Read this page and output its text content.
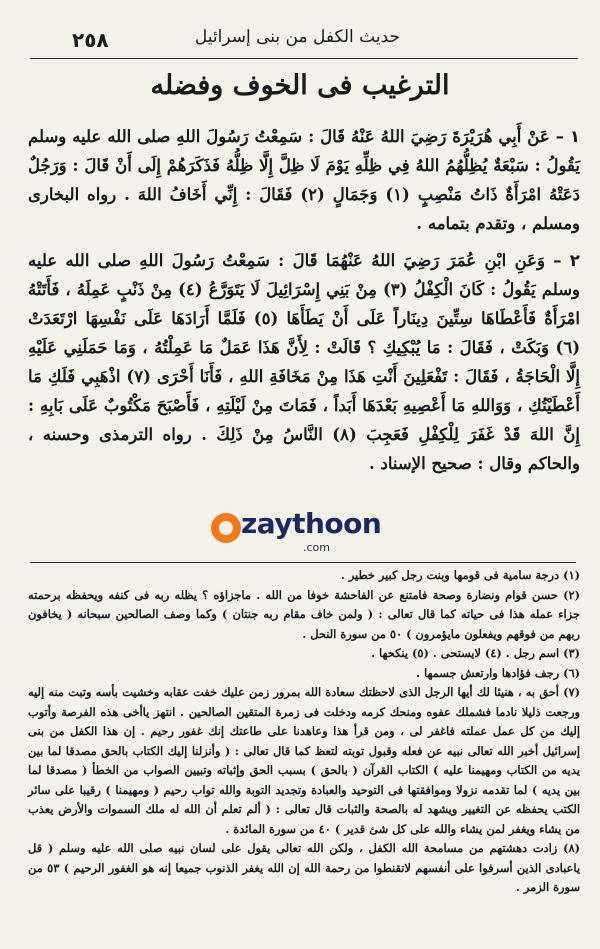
٢٥٨	حديث الكفل من بنى إسرائيل
الترغيب فى الخوف وفضله

١ – عَنْ أَبِي هُرَيْرَةَ رَضِيَ اللهُ عَنْهُ قَالَ : سَمِعْتُ رَسُولَ اللهِ صلى الله عليه وسلم يَقُولُ : سَبْعَةٌ يُظِلُّهُمُ اللهُ فِي ظِلِّهِ يَوْمَ لَا ظِلَّ إِلَّا ظِلُّهُ فَذَكَرَهُمْ إِلَى أَنْ قَالَ : وَرَجُلٌ دَعَتْهُ امْرَأَةٌ ذَاتُ مَنْصِبٍ (١) وَجَمَالٍ (٢) فَقَالَ : إِنِّي أَخَافُ اللهَ . رواه البخارى ومسلم ، وتقدم بتمامه .

٢ – وَعَنِ ابْنِ عُمَرَ رَضِيَ اللهُ عَنْهُمَا قَالَ : سَمِعْتُ رَسُولَ اللهِ صلى الله عليه وسلم يَقُولُ : كَانَ الْكِفْلُ (٣) مِنْ بَنِي إِسْرَائِيلَ لَا يَتَوَرَّعُ (٤) مِنْ ذَنْبٍ عَمِلَهُ ، فَأَتَتْهُ امْرَأَةٌ فَأَعْطَاهَا سِتِّينَ دِينَاراً عَلَى أَنْ يَطَأَهَا (٥) فَلَمَّا أَرَادَهَا عَلَى نَفْسِهَا ارْتَعَدَتْ (٦) وَبَكَتْ ، فَقَالَ : مَا يُبْكِيكِ ؟ قَالَتْ : لِأَنَّ هَذَا عَمَلٌ مَا عَمِلْتُهُ ، وَمَا حَمَلَنِي عَلَيْهِ إِلَّا الْحَاجَةُ ، فَقَالَ : تَفْعَلِينَ أَنْتِ هَذَا مِنْ مَخَافَةِ اللهِ ، فَأَنَا أَحْرَى (٧) اذْهَبِي فَلَكِ مَا أَعْطَيْتُكِ ، وَوَاللهِ مَا أَعْصِيهِ بَعْدَهَا أَبَداً ، فَمَاتَ مِنْ لَيْلَتِهِ ، فَأَصْبَحَ مَكْتُوبٌ عَلَى بَابِهِ : إِنَّ اللهَ قَدْ غَفَرَ لِلْكِفْلِ فَعَجِبَ (٨) النَّاسُ مِنْ ذَلِكَ . رواه الترمذى وحسنه ، والحاكم وقال : صحيح الإسناد .

zaythoon
.com

(١) درجة سامية فى قومها وبنت رجل كبير خطير .

(٢) حسن قوام ونضارة وصحة فامتنع عن الفاحشة خوفا من الله . ماجزاؤه ؟ يظله ربه فى كنفه ويحفظه برحمته جزاء عمله هذا فى حياته كما قال تعالى : ( ولمن خاف مقام ربه جنتان ) وكما وصف الصالحين سبحانه ( يخافون ربهم من فوقهم ويفعلون مايؤمرون ) ٥٠ من سورة النحل .

(٣) اسم رجل . (٤) لايستحى . (٥) ينكحها .

(٦) رجف فؤادها وارتعش جسمها .

(٧) أحق به ، هنيئا لك أيها الرجل الذى لاحظتك سعادة الله بمرور زمن عليك خفت عقابه وخشيت بأسه وتبت منه إليه ورجعت ذليلا نادما فشملك عفوه ومنحك كرمه ودخلت فى زمرة المتقين الصالحين . انتهز ياأخى هذه الفرصة وأتوب إليك من كل عمل عملته فاغفر لى ، ومن قرأ هذا وعاهدنا على طاعتك إنك غفور رحيم . إن هذا الكفل من بنى إسرائيل أخبر الله تعالى نبيه عن فعله وقبول توبته لتعظ كما قال تعالى : ( وأنزلنا إليك الكتاب بالحق مصدقا لما بين يديه من الكتاب ومهيمنا عليه ) الكتاب القرآن ( بالحق ) بسبب الحق وإثباته وتبيين الصواب من الخطأ ( مصدقا لما بين يديه ) لما تقدمه نزولا وموافقتها فى التوحيد والعبادة وتجديد التوبة والله تواب رحيم ( ومهيمنا ) رقيبا على سائر الكتب يحفظه عن التغيير ويشهد له بالصحة والثبات قال تعالى : ( ألم تعلم أن الله له ملك السموات والأرض يعذب من يشاء ويغفر لمن يشاء والله على كل شئ قدير ) ٤٠ من سورة المائدة .

(٨) زادت دهشتهم من مسامحة الله الكفل ، ولكن الله تعالى يقول على لسان نبيه صلى الله عليه وسلم ( قل ياعبادى الذين أسرفوا على أنفسهم لاتقنطوا من رحمة الله إن الله يغفر الذنوب جميعا إنه هو الغفور الرحيم ) ٥٣ من سورة الزمر .
